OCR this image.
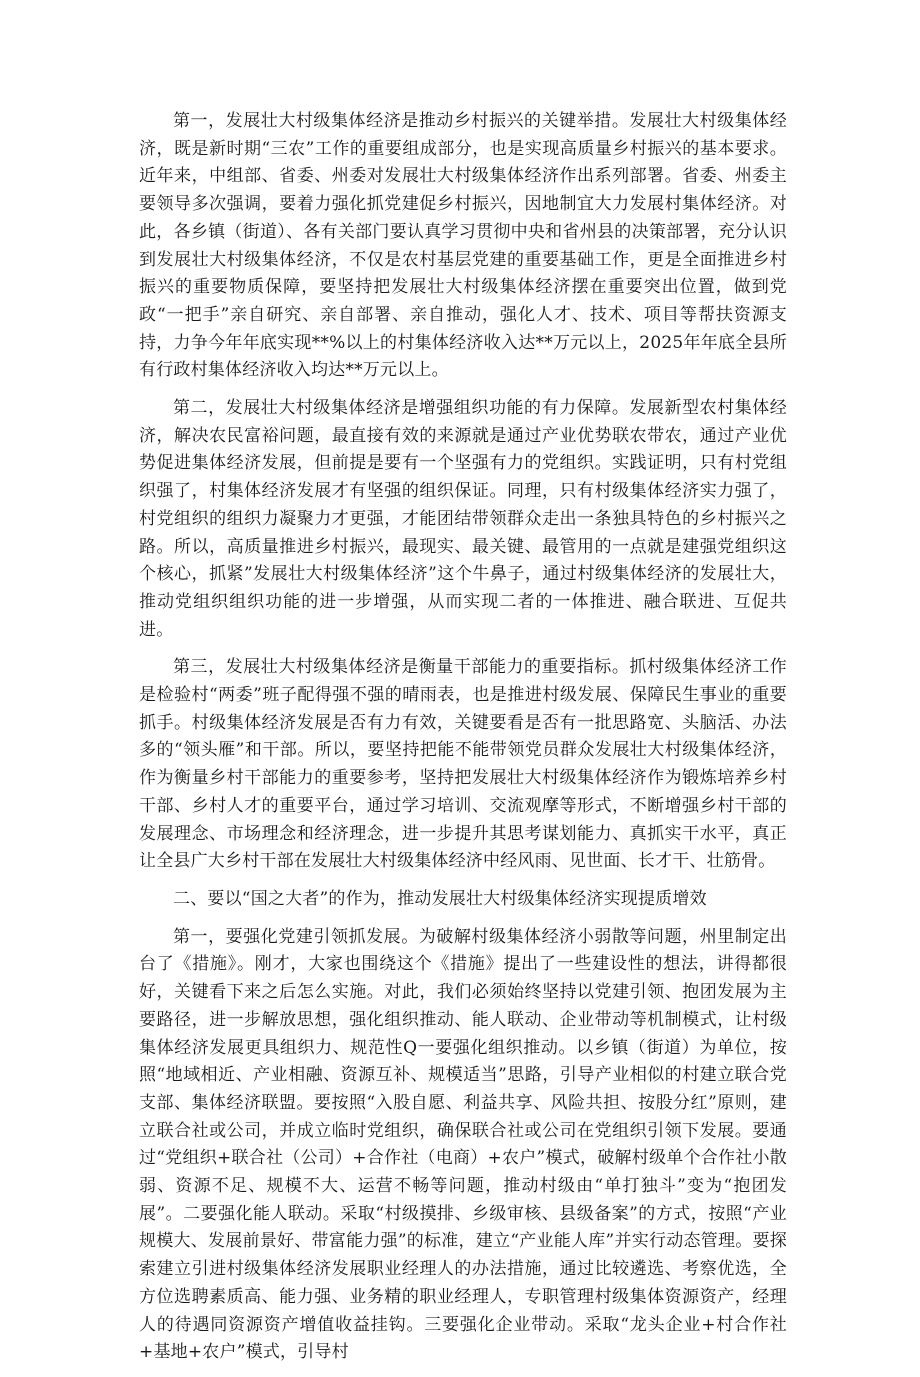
第一，发展壮大村级集体经济是推动乡村振兴的关键举措。发展壮大村级集体经济，既是新时期“三农”工作的重要组成部分，也是实现高质量乡村振兴的基本要求。近年来，中组部、省委、州委对发展壮大村级集体经济作出系列部署。省委、州委主要领导多次强调，要着力强化抓党建促乡村振兴，因地制宜大力发展村集体经济。对此，各乡镇（街道）、各有关部门要认真学习贯彻中央和省州县的决策部署，充分认识到发展壮大村级集体经济，不仅是农村基层党建的重要基础工作，更是全面推进乡村振兴的重要物质保障，要坚持把发展壮大村级集体经济摆在重要突出位置，做到党政“一把手”亲自研究、亲自部署、亲自推动，强化人才、技术、项目等帮扶资源支持，力争今年年底实现**%以上的村集体经济收入达**万元以上，2025年年底全县所有行政村集体经济收入均达**万元以上。

第二，发展壮大村级集体经济是增强组织功能的有力保障。发展新型农村集体经济，解决农民富裕问题，最直接有效的来源就是通过产业优势联农带农，通过产业优势促进集体经济发展，但前提是要有一个坚强有力的党组织。实践证明，只有村党组织强了，村集体经济发展才有坚强的组织保证。同理，只有村级集体经济实力强了，村党组织的组织力凝聚力才更强，才能团结带领群众走出一条独具特色的乡村振兴之路。所以，高质量推进乡村振兴，最现实、最关键、最管用的一点就是建强党组织这个核心，抓紧”发展壮大村级集体经济”这个牛鼻子，通过村级集体经济的发展壮大，推动党组织组织功能的进一步增强，从而实现二者的一体推进、融合联进、互促共进。

第三，发展壮大村级集体经济是衡量干部能力的重要指标。抓村级集体经济工作是检验村“两委”班子配得强不强的晴雨表，也是推进村级发展、保障民生事业的重要抓手。村级集体经济发展是否有力有效，关键要看是否有一批思路宽、头脑活、办法多的“领头雁”和干部。所以，要坚持把能不能带领党员群众发展壮大村级集体经济，作为衡量乡村干部能力的重要参考，坚持把发展壮大村级集体经济作为锻炼培养乡村干部、乡村人才的重要平台，通过学习培训、交流观摩等形式，不断增强乡村干部的发展理念、市场理念和经济理念，进一步提升其思考谋划能力、真抓实干水平，真正让全县广大乡村干部在发展壮大村级集体经济中经风雨、见世面、长才干、壮筋骨。

二、要以“国之大者”的作为，推动发展壮大村级集体经济实现提质增效

第一，要强化党建引领抓发展。为破解村级集体经济小弱散等问题，州里制定出台了《措施》。刚才，大家也围绕这个《措施》提出了一些建设性的想法，讲得都很好，关键看下来之后怎么实施。对此，我们必须始终坚持以党建引领、抱团发展为主要路径，进一步解放思想，强化组织推动、能人联动、企业带动等机制模式，让村级集体经济发展更具组织力、规范性Q一要强化组织推动。以乡镇（街道）为单位，按照“地域相近、产业相融、资源互补、规模适当”思路，引导产业相似的村建立联合党支部、集体经济联盟。要按照“入股自愿、利益共享、风险共担、按股分红”原则，建立联合社或公司，并成立临时党组织，确保联合社或公司在党组织引领下发展。要通过“党组织+联合社（公司）+合作社（电商）+农户”模式，破解村级单个合作社小散弱、资源不足、规模不大、运营不畅等问题，推动村级由“单打独斗”变为“抱团发展”。二要强化能人联动。采取“村级摸排、乡级审核、县级备案”的方式，按照“产业规模大、发展前景好、带富能力强”的标准，建立“产业能人库”并实行动态管理。要探索建立引进村级集体经济发展职业经理人的办法措施，通过比较遴选、考察优选，全方位选聘素质高、能力强、业务精的职业经理人，专职管理村级集体资源资产，经理人的待遇同资源资产增值收益挂钩。三要强化企业带动。采取“龙头企业+村合作社+基地+农户”模式，引导村
